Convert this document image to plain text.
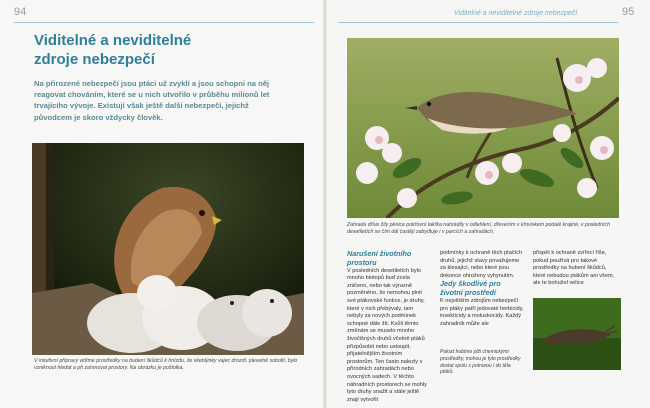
94	Viditelné a neviditelné zdroje nebezpečí	95
Viditelné a neviditelné zdroje nebezpečí

Na přirozené nebezpečí jsou ptáci už zvyklí a jsou schopni na něj reagovat chováním, které se u nich utvořilo v průběhu milionů let trvajícího vývoje. Existují však ještě další nebezpečí, jejichž původcem je skoro vždycky člověk.

V intuitivní přípravy vidíme prostředky na budení škůdců k hnízdu, že skeblýnky vajec drozdí, plevelně soboltí, bylo vzniknout hledat a při zahrnoval prostory. Na obrázku je poštolka.

Zahrada dříve žily pěnice pokřovní takřka nahrádily v odlehlení, dřevením v křoviskem podalé krajiné, v posledních desetiletích se čím dál častěji zabydluje i v parcích a zahradách.

Narušení životního prostoru

V posledních desetiletích bylo mnoho biotopů buď zcela zničeno, nebo tak výrazně pozměněno, že nemohou plnit své ptákovské funkce, je druhy, které v nich přebývaly, tam nebyly za nových podmínek schopné dále žít. Kvůli těmto změnám se muselo mnoho živočišných druhů včetně ptáků přizpůsobit nebo ustoupit, přijatelnějším životním prostorům. Ten často nalezly v přírodních zahradách nebo ovocných sadech. V těchto náhradních prostorech se mohly tyto druhy snažit a stále ještě znají vytvořit

podmínky k ochraně těch ptačích druhů, jejichž stavy považujeme za klesající, nebo které jsou dokonce ohroženy vyhynutím.

Jedy škodlivé pro životní prostředí

K největším zdrojům nebezpečí pro ptáky patří jedovaté herbicidy, insekticidy a moluskocidy. Každý zahradník může ale

Pokud hubíme plži chemickými prostředky, mohou je tyto prostředky dostat spolu s potravou i do těla ptáků.

přispět k ochraně zvířecí říše, pokud používá pro takové prostředky na hubení škůdců, které nebudou ptákům ani všem, ale te bohužel velice
